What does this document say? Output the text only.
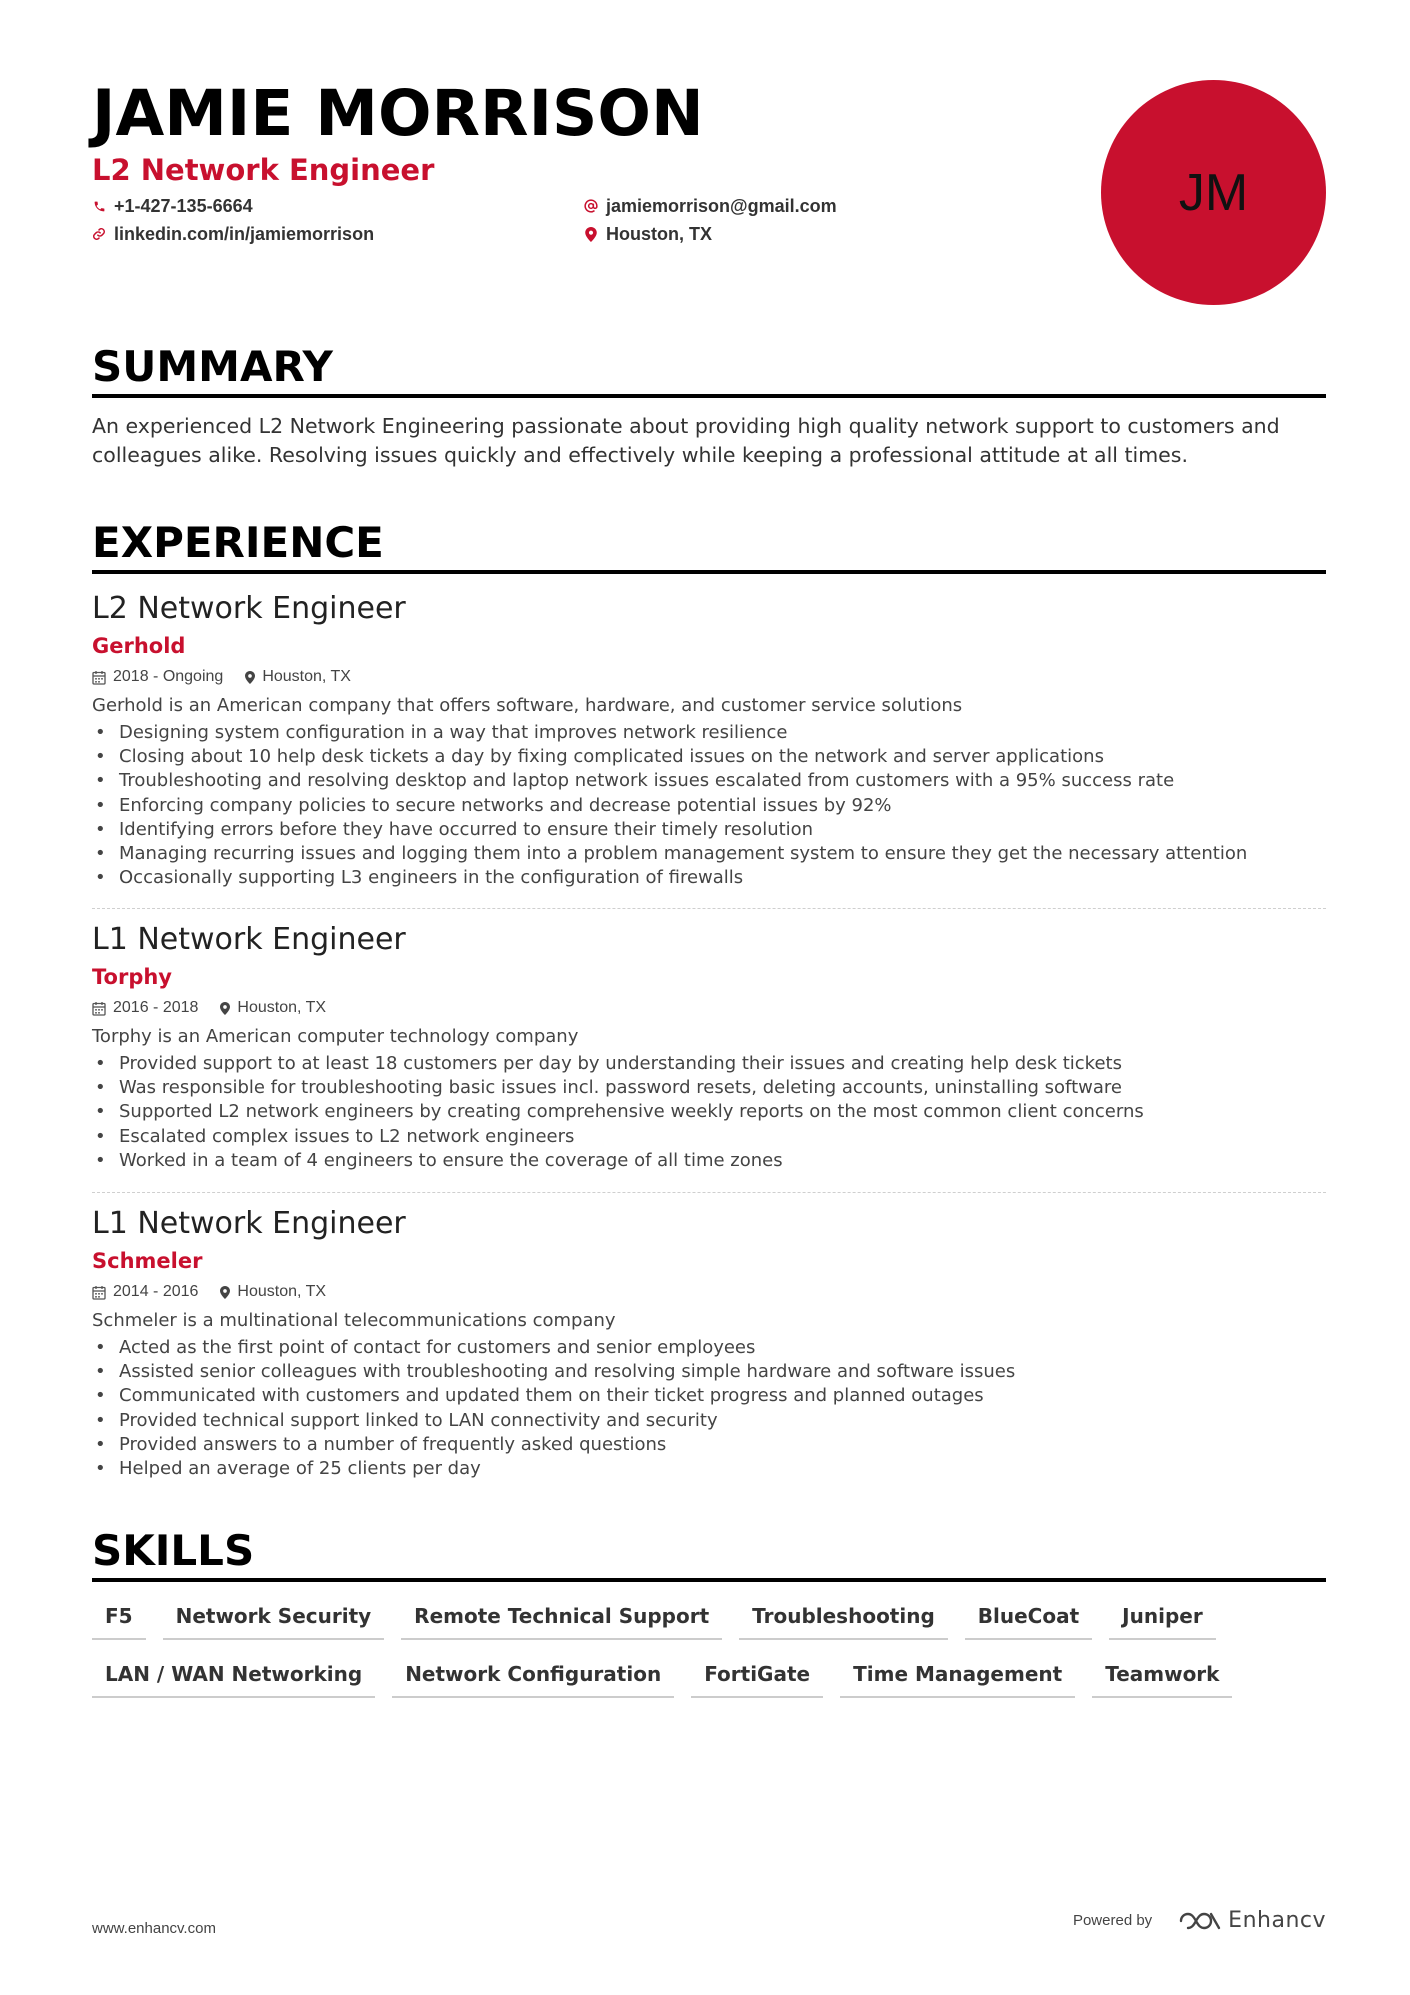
JAMIE MORRISON
L2 Network Engineer
+1-427-135-6664	jamiemorrison@gmail.com
linkedin.com/in/jamiemorrison	Houston, TX
JM
SUMMARY
An experienced L2 Network Engineering passionate about providing high quality network support to customers and colleagues alike. Resolving issues quickly and effectively while keeping a professional attitude at all times.
EXPERIENCE
L2 Network Engineer
Gerhold
2018 - Ongoing Houston, TX
Gerhold is an American company that offers software, hardware, and customer service solutions
• Designing system configuration in a way that improves network resilience
• Closing about 10 help desk tickets a day by fixing complicated issues on the network and server applications
• Troubleshooting and resolving desktop and laptop network issues escalated from customers with a 95% success rate
• Enforcing company policies to secure networks and decrease potential issues by 92%
• Identifying errors before they have occurred to ensure their timely resolution
• Managing recurring issues and logging them into a problem management system to ensure they get the necessary attention
• Occasionally supporting L3 engineers in the configuration of firewalls
L1 Network Engineer
Torphy
2016 - 2018 Houston, TX
Torphy is an American computer technology company
• Provided support to at least 18 customers per day by understanding their issues and creating help desk tickets
• Was responsible for troubleshooting basic issues incl. password resets, deleting accounts, uninstalling software
• Supported L2 network engineers by creating comprehensive weekly reports on the most common client concerns
• Escalated complex issues to L2 network engineers
• Worked in a team of 4 engineers to ensure the coverage of all time zones
L1 Network Engineer
Schmeler
2014 - 2016 Houston, TX
Schmeler is a multinational telecommunications company
• Acted as the first point of contact for customers and senior employees
• Assisted senior colleagues with troubleshooting and resolving simple hardware and software issues
• Communicated with customers and updated them on their ticket progress and planned outages
• Provided technical support linked to LAN connectivity and security
• Provided answers to a number of frequently asked questions
• Helped an average of 25 clients per day
SKILLS
F5	Network Security	Remote Technical Support	Troubleshooting	BlueCoat	Juniper
LAN / WAN Networking	Network Configuration	FortiGate	Time Management	Teamwork
www.enhancv.com	Powered by	Enhancv
